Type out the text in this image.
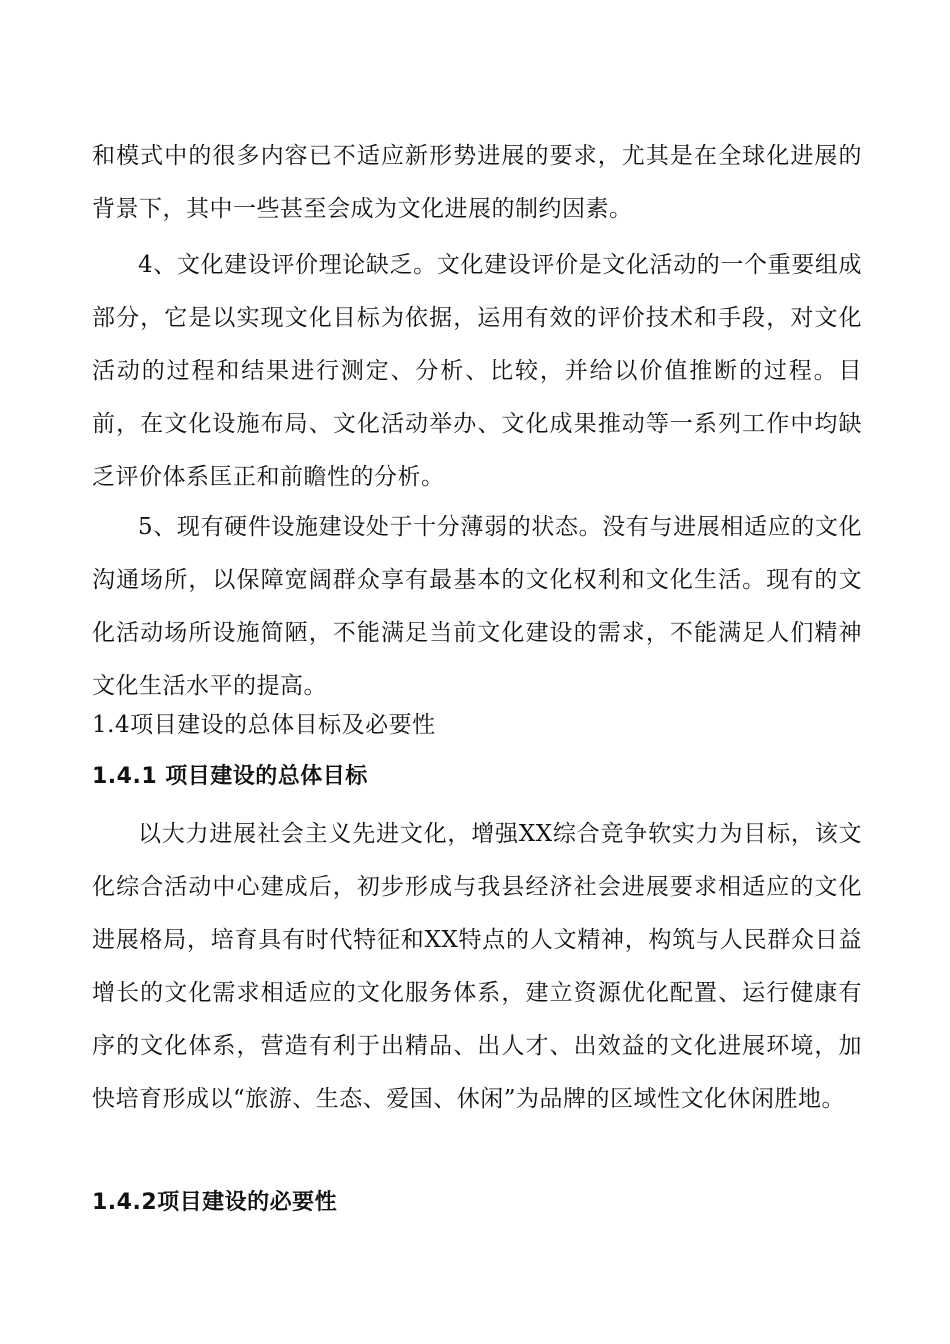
和模式中的很多内容已不适应新形势进展的要求，尤其是在全球化进展的背景下，其中一些甚至会成为文化进展的制约因素。

4、文化建设评价理论缺乏。文化建设评价是文化活动的一个重要组成部分，它是以实现文化目标为依据，运用有效的评价技术和手段，对文化活动的过程和结果进行测定、分析、比较，并给以价值推断的过程。目前，在文化设施布局、文化活动举办、文化成果推动等一系列工作中均缺乏评价体系匡正和前瞻性的分析。

5、现有硬件设施建设处于十分薄弱的状态。没有与进展相适应的文化沟通场所，以保障宽阔群众享有最基本的文化权利和文化生活。现有的文化活动场所设施简陋，不能满足当前文化建设的需求，不能满足人们精神文化生活水平的提高。

1.4项目建设的总体目标及必要性
1.4.1 项目建设的总体目标

以大力进展社会主义先进文化，增强XX综合竞争软实力为目标，该文化综合活动中心建成后，初步形成与我县经济社会进展要求相适应的文化进展格局，培育具有时代特征和XX特点的人文精神，构筑与人民群众日益增长的文化需求相适应的文化服务体系，建立资源优化配置、运行健康有序的文化体系，营造有利于出精品、出人才、出效益的文化进展环境，加快培育形成以“旅游、生态、爱国、休闲”为品牌的区域性文化休闲胜地。

1.4.2项目建设的必要性
